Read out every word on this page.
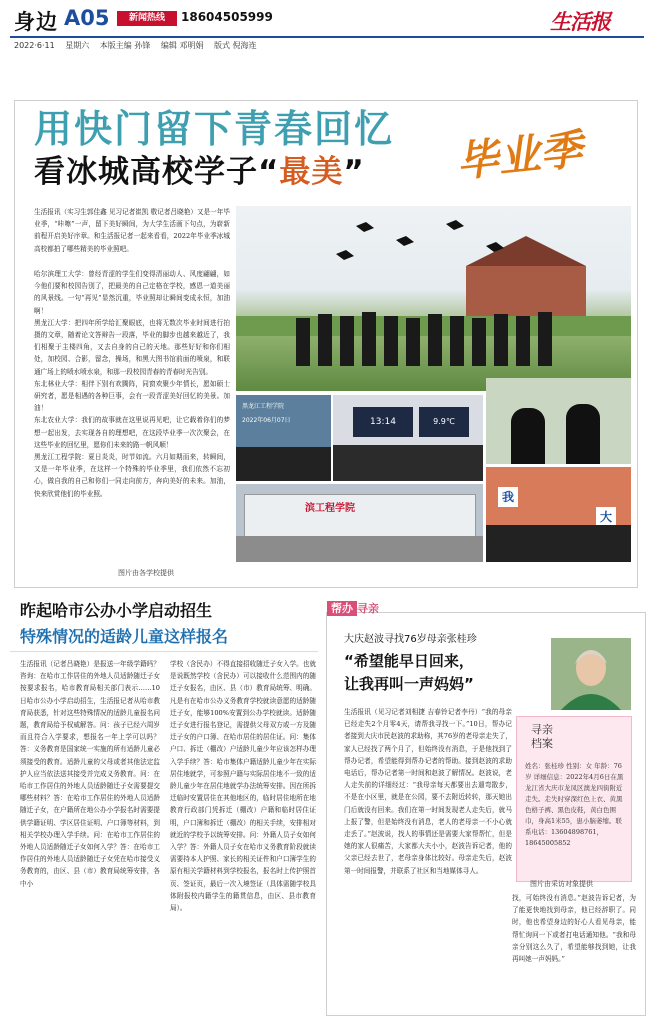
身边 A05	新闻热线	18604505999	生活报
2022·6·11 星期六 本版主编 孙锋 编辑 邓明娟 版式 倪海连
用快门留下青春回忆
看冰城高校学子“最美” 毕业季
生活报讯（实习生郭佳鑫 见习记者崔凯 敬记者吕晓艳）又是一年毕业季，“咔嚓”一声，留下美好瞬间，为大学生活画下句点，为崭新前程开启美好序章。和生活报记者一起来看看，2022年毕业季冰城高校都拍了哪些精美的毕业照吧。
哈尔滨理工大学：曾经青涩的学生们变得清丽动人、风度翩翩，如今他们要和校园告别了，把最美的自己定格在学校，感恩一道美丽的风景线。一句“再见”显然沉重，毕业照却让瞬间变成永恒，加油啊！
黑龙江大学：把四年所学给汇聚眼底，也将无数次毕业时间进行拍摄的文章，随着论文答辩告一段落，毕业的脚步也越来越近了，我们相聚于主楼四角，又去自身的自己的天地。那些好好和你们相处，加校园、合影，留念，操场，和黑大图书馆前面的喷泉，和联通广场上的喷水喷水泉，和那一段校园青春的青春时光告别。
东北林业大学：相伴下别有欢腾阵，同窗欢聚少年情长，愿如硕士研究者，愿是相遇的各种巨事，会有一段青涩美好回忆的美景。加油！
东北农业大学：我们的故事就在这里说再见吧，让它载着你们的梦想一起出发，去实现各自的理想吧，在这段毕业季一次次聚会，在这些毕业的回忆里，愿你们未来的路一帆风顺！
黑龙江工程学院：夏日炎炎，时节如流。六月如期而来，转瞬间，又是一年毕业季，在这样一个特殊的毕业季里，我们依然不忘初心，做自我的自己和你们一同走向前方，奔向美好的未来。加油，快来欣赏他们的毕业照。
图片由各学校提供
黑龙江工程学院
2022年06月07日	13:14	9.9℃
滨工程学院
我
大
昨起哈市公办小学启动招生
特殊情况的适龄儿童这样报名
生活报讯（记者吕晓艳）是报送一年级学籍吗？咨询：在哈市工作居住的外地人员适龄随迁子女按要求报名，哈市教育局相关部门表示……10日哈市公办小学启动招生，生活报记者从哈市教育局获悉，针对这些特殊情况的适龄儿童报名问题，教育局给予权威解答。问：孩子已经六周岁而且符合入学要求，想报名一年上学可以吗？答：义务教育是国家统一实施的所有适龄儿童必须接受的教育。适龄儿童的父母或者其他法定监护人应当依法送其接受并完成义务教育。问：在哈市工作居住的外地人员适龄随迁子女需要提交哪些材料？答：在哈市工作居住的外地人员适龄随迁子女，在户籍所在地公办小学报名时需要提供学籍证明、学区居住证明、户口簿等材料，到相关学校办理入学手续。问：在哈市工作居住的外地人员适龄随迁子女如何入学？答：在哈市工作居住的外地人员适龄随迁子女凭在哈市接受义务教育的，由区、县（市）教育局统筹安排，各中小
学校（含民办）不得直接招收随迁子女入学。也就是说既然学校（含民办）可以接收什么范围内的随迁子女报名，由区、县（市）教育局统筹、明确。凡是有在哈市公办义务教育学校就读意愿的适龄随迁子女，能够100%安置到公办学校就读。适龄随迁子女进行报名登记，需提供父母双方或一方及随迁子女的户口簿、在哈市居住的居住证。问：集体户口、拆迁（棚改）户适龄儿童少年应该怎样办理入学手续？答：哈市集体户籍适龄儿童少年在实际居住地就学，可参照户籍与实际居住地不一致的适龄儿童少年在居住地就学办法统筹安排。因在所拆迁临时安置居住在其他地区的，临时居住地所在地教育行政部门凭拆迁（棚改）户籍和临时居住证明，户口簿和拆迁（棚改）的相关手续，安排相对就近的学校予以统筹安排。问：外籍人员子女如何入学？答：外籍人员子女在哈市义务教育阶段就读需要持本人护照、家长的相关证件和户口簿学生的原有相关学籍材料到学校报名，报名时上传护照首页、签证页，最后一次入境签证（具体需随学校具体附报校内籍学生的籍贯信息，由区、县市教育局）。
帮办 寻亲
大庆赵波寻找76岁母亲张桂珍
“希望能早日回来，
让我再叫一声妈妈”
生活报讯（见习记者刘相捷 吉春铃记者李丹）“我的母亲已经走失2个月零4天，请帮我寻找一下。”10日，帮办记者接到大庆市民赵波的求助称，其76岁的老母亲走失了，家人已经找了两个月了，但始终没有消息，于是他找到了帮办记者，希望能得到帮办记者的帮助。接到赵波的求助电话后，帮办记者第一时间和赵波了解情况。赵波说，老人走失前的详细经过：“我母亲每天都要出去遛弯散步，不是在小区里，就是在公园，要不去附近转转，那天她出门后就没有回来。我们在第一时间发现老人走失后，就马上报了警，但是始终没有消息，老人的老母亲一不小心就走丢了。”赵波说，找人的事情还是需要大家帮帮忙，但是她的家人很痛苦，大家都大夫小小，赵波告诉记者，他的父亲已经去世了，老母亲身体比较好。母亲走失后，赵波第一时间报警，并联系了社区和当地媒体寻人。
寻亲
档案
姓名：张桂珍 性别：女 年龄：76岁 详细信息：2022年4月6日在黑龙江省大庆市龙凤区澳龙四街附近走失。走失时穿深红色上衣、黄黑色格子裤、黑色皮鞋，黄白色围巾，身高1米55，患小脑萎缩。联系电话：13604898761，18645005852
图片由采访对象提供
找，可始终没有消息。”赵波告诉记者，为了能更快地找到母亲，他已经辞职了。同时，他也希望身边的好心人看见母亲，能帮忙询问一下或者打电话通知他。“我和母亲分别这么久了，希望能够找到她，让我再叫她一声妈妈。”
